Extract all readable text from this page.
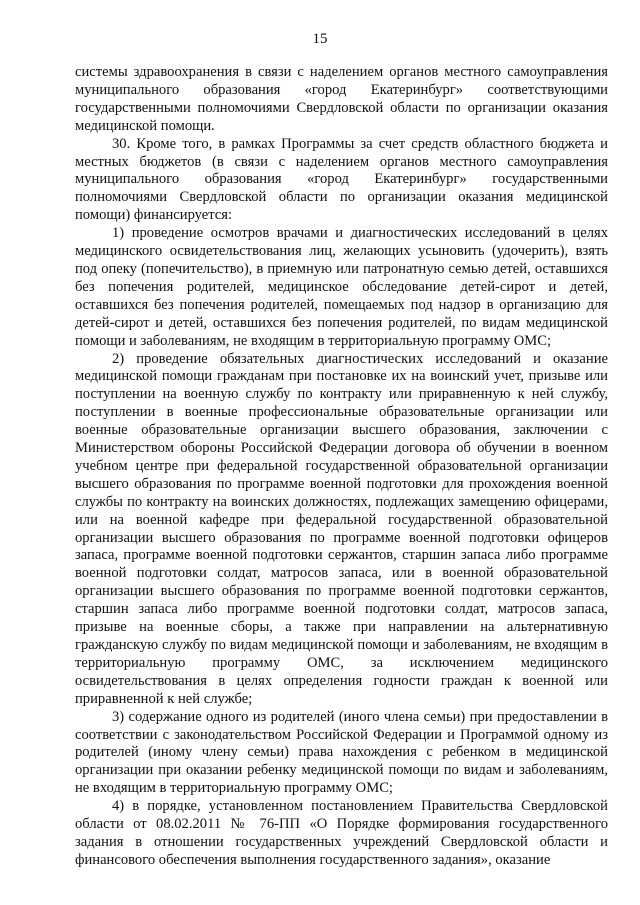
15

системы здравоохранения в связи с наделением органов местного самоуправления муниципального образования «город Екатеринбург» соответствующими государственными полномочиями Свердловской области по организации оказания медицинской помощи.

30. Кроме того, в рамках Программы за счет средств областного бюджета и местных бюджетов (в связи с наделением органов местного самоуправления муниципального образования «город Екатеринбург» государственными полномочиями Свердловской области по организации оказания медицинской помощи) финансируется:

1) проведение осмотров врачами и диагностических исследований в целях медицинского освидетельствования лиц, желающих усыновить (удочерить), взять под опеку (попечительство), в приемную или патронатную семью детей, оставшихся без попечения родителей, медицинское обследование детей-сирот и детей, оставшихся без попечения родителей, помещаемых под надзор в организацию для детей-сирот и детей, оставшихся без попечения родителей, по видам медицинской помощи и заболеваниям, не входящим в территориальную программу ОМС;

2) проведение обязательных диагностических исследований и оказание медицинской помощи гражданам при постановке их на воинский учет, призыве или поступлении на военную службу по контракту или приравненную к ней службу, поступлении в военные профессиональные образовательные организации или военные образовательные организации высшего образования, заключении с Министерством обороны Российской Федерации договора об обучении в военном учебном центре при федеральной государственной образовательной организации высшего образования по программе военной подготовки для прохождения военной службы по контракту на воинских должностях, подлежащих замещению офицерами, или на военной кафедре при федеральной государственной образовательной организации высшего образования по программе военной подготовки офицеров запаса, программе военной подготовки сержантов, старшин запаса либо программе военной подготовки солдат, матросов запаса, или в военной образовательной организации высшего образования по программе военной подготовки сержантов, старшин запаса либо программе военной подготовки солдат, матросов запаса, призыве на военные сборы, а также при направлении на альтернативную гражданскую службу по видам медицинской помощи и заболеваниям, не входящим в территориальную программу ОМС, за исключением медицинского освидетельствования в целях определения годности граждан к военной или приравненной к ней службе;

3) содержание одного из родителей (иного члена семьи) при предоставлении в соответствии с законодательством Российской Федерации и Программой одному из родителей (иному члену семьи) права нахождения с ребенком в медицинской организации при оказании ребенку медицинской помощи по видам и заболеваниям, не входящим в территориальную программу ОМС;

4) в порядке, установленном постановлением Правительства Свердловской области от 08.02.2011 № 76-ПП «О Порядке формирования государственного задания в отношении государственных учреждений Свердловской области и финансового обеспечения выполнения государственного задания», оказание
